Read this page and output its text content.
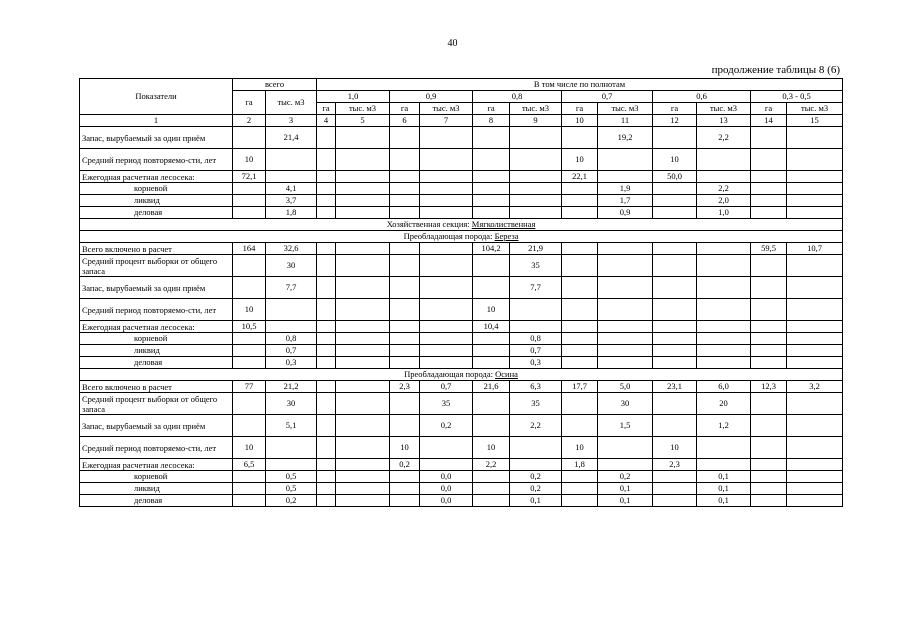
40
продолжение таблицы 8 (6)
Показатели	всего		В том числе по полнотам											
	га	тыс. м3	1,0		0,9		0,8		0,7		0,6		0,3 - 0,5	
			га	тыс. м3	га	тыс. м3	га	тыс. м3	га	тыс. м3	га	тыс. м3	га	тыс. м3
1	2	3	4	5	6	7	8	9	10	11	12	13	14	15
Запас, вырубаемый за один приём		21,4								19,2		2,2		
Средний период повторяемо-сти, лет	10								10		10			
Ежегодная расчетная лесосека:	72,1								22,1		50,0			
корневой		4,1								1,9		2,2		
ликвид		3,7								1,7		2,0		
деловая		1,8								0,9		1,0		
Хозяйственная секция: Мягколиственная														
Преобладающая порода: Береза														
Всего включено в расчет	164	32,6					104,2	21,9					59,5	10,7
Средний процент выборки от общего запаса		30						35						
Запас, вырубаемый за один приём		7,7						7,7						
Средний период повторяемо-сти, лет	10						10							
Ежегодная расчетная лесосека:	10,5						10,4							
корневой		0,8						0,8						
ликвид		0,7						0,7						
деловая		0,3						0,3						
Преобладающая порода: Осина														
Всего включено в расчет	77	21,2			2,3	0,7	21,6	6,3	17,7	5,0	23,1	6,0	12,3	3,2
Средний процент выборки от общего запаса		30				35		35		30		20		
Запас, вырубаемый за один приём		5,1				0,2		2,2		1,5		1,2		
Средний период повторяемо-сти, лет	10				10		10		10		10			
Ежегодная расчетная лесосека:	6,5				0,2		2,2		1,8		2,3			
корневой		0,5				0,0		0,2		0,2		0,1		
ликвид		0,5				0,0		0,2		0,1		0,1		
деловая		0,2				0,0		0,1		0,1		0,1		
